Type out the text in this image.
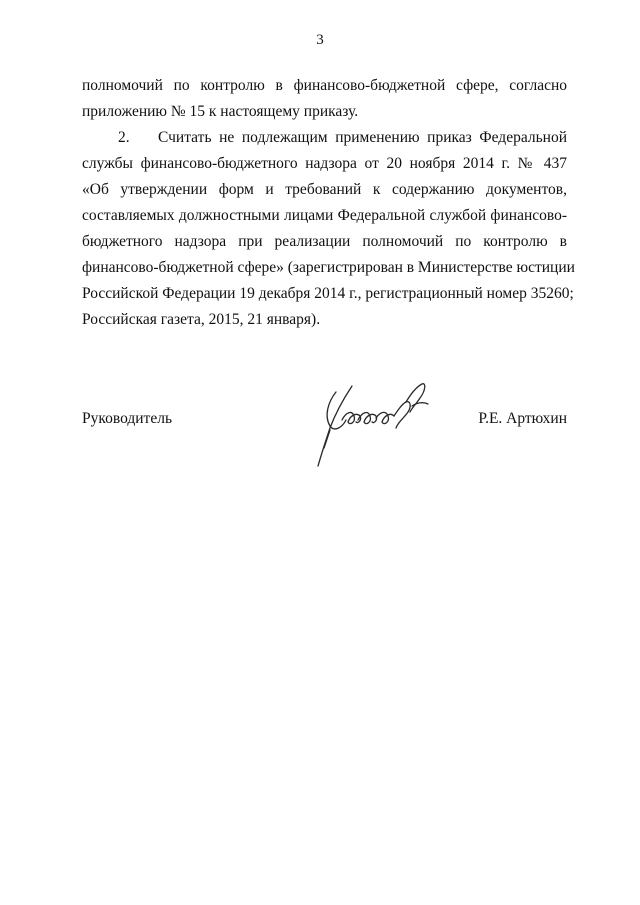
3
полномочий по контролю в финансово-бюджетной сфере, согласно
приложению № 15 к настоящему приказу.
2. Считать не подлежащим применению приказ Федеральной
службы финансово-бюджетного надзора от 20 ноября 2014 г. № 437
«Об утверждении форм и требований к содержанию документов,
составляемых должностными лицами Федеральной службой финансово-
бюджетного надзора при реализации полномочий по контролю в
финансово-бюджетной сфере» (зарегистрирован в Министерстве юстиции
Российской Федерации 19 декабря 2014 г., регистрационный номер 35260;
Российская газета, 2015, 21 января).
Руководитель	Р.Е. Артюхин
